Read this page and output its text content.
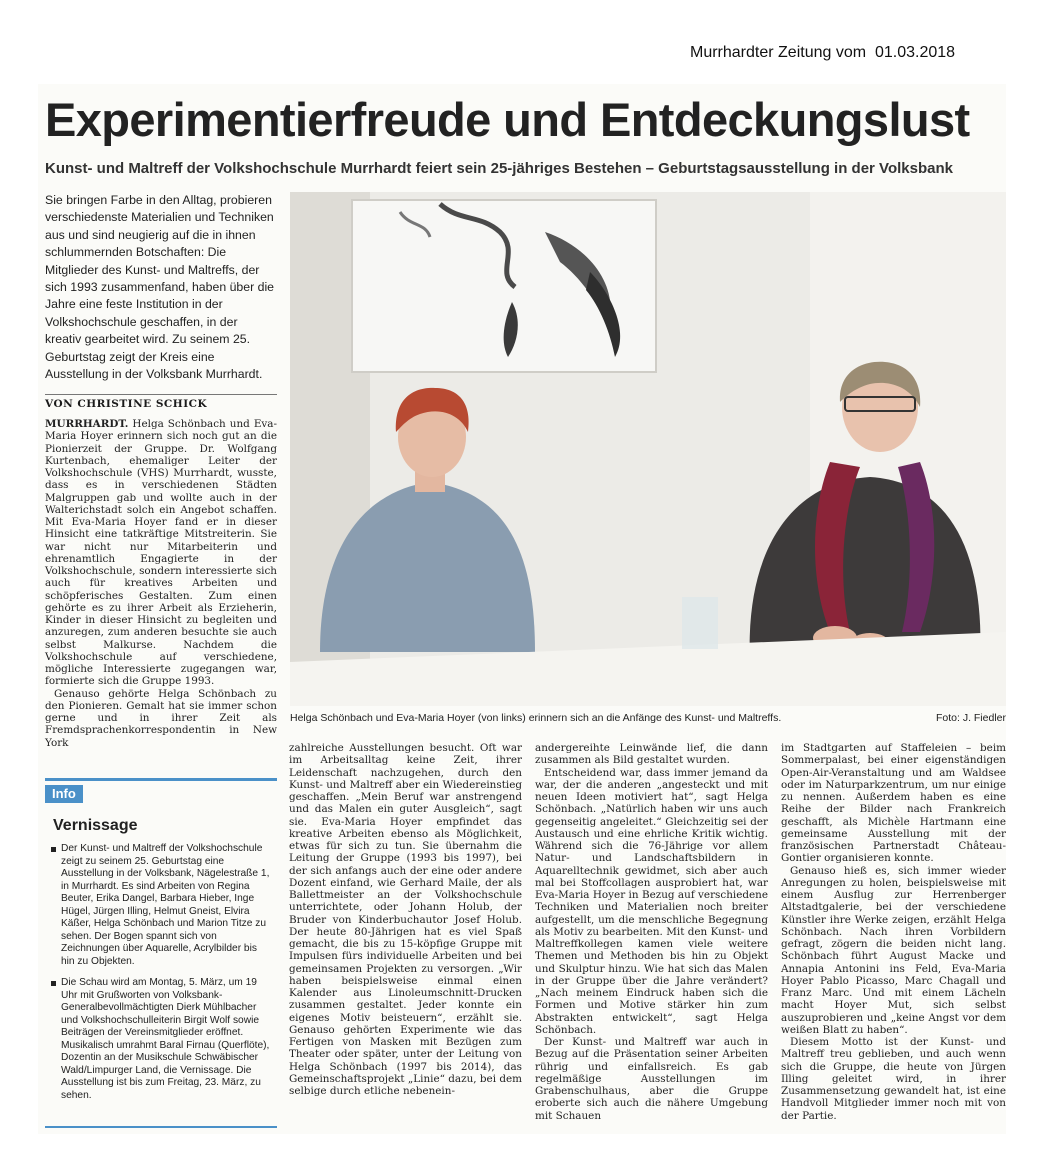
Murrhardter Zeitung vom  01.03.2018
Experimentierfreude und Entdeckungslust
Kunst- und Maltreff der Volkshochschule Murrhardt feiert sein 25-jähriges Bestehen – Geburtstagsausstellung in der Volksbank
Sie bringen Farbe in den Alltag, probieren verschiedenste Materialien und Techniken aus und sind neugierig auf die in ihnen schlummernden Botschaften: Die Mitglieder des Kunst- und Maltreffs, der sich 1993 zusammenfand, haben über die Jahre eine feste Institution in der Volkshochschule geschaffen, in der kreativ gearbeitet wird. Zu seinem 25. Geburtstag zeigt der Kreis eine Ausstellung in der Volksbank Murrhardt.
VON CHRISTINE SCHICK

MURRHARDT. Helga Schönbach und Eva-Maria Hoyer erinnern sich noch gut an die Pionierzeit der Gruppe. Dr. Wolfgang Kurtenbach, ehemaliger Leiter der Volkshochschule (VHS) Murrhardt, wusste, dass es in verschiedenen Städten Malgruppen gab und wollte auch in der Walterichstadt solch ein Angebot schaffen. Mit Eva-Maria Hoyer fand er in dieser Hinsicht eine tatkräftige Mitstreiterin. Sie war nicht nur Mitarbeiterin und ehrenamtlich Engagierte in der Volkshochschule, sondern interessierte sich auch für kreatives Arbeiten und schöpferisches Gestalten. Zum einen gehörte es zu ihrer Arbeit als Erzieherin, Kinder in dieser Hinsicht zu begleiten und anzuregen, zum anderen besuchte sie auch selbst Malkurse. Nachdem die Volkshochschule auf verschiedene, mögliche Interessierte zugegangen war, formierte sich die Gruppe 1993.

Genauso gehörte Helga Schönbach zu den Pionieren. Gemalt hat sie immer schon gerne und in ihrer Zeit als Fremdsprachenkorrespondentin in New York

Helga Schönbach und Eva-Maria Hoyer (von links) erinnern sich an die Anfänge des Kunst- und Maltreffs.	Foto: J. Fiedler
Info
Vernissage
Der Kunst- und Maltreff der Volkshochschule zeigt zu seinem 25. Geburtstag eine Ausstellung in der Volksbank, Nägelestraße 1, in Murrhardt. Es sind Arbeiten von Regina Beuter, Erika Dangel, Barbara Hieber, Inge Hügel, Jürgen Illing, Helmut Gneist, Elvira Käßer, Helga Schönbach und Marion Titze zu sehen. Der Bogen spannt sich von Zeichnungen über Aquarelle, Acrylbilder bis hin zu Objekten.
Die Schau wird am Montag, 5. März, um 19 Uhr mit Grußworten von Volksbank-Generalbevollmächtigten Dierk Mühlbacher und Volkshochschulleiterin Birgit Wolf sowie Beiträgen der Vereinsmitglieder eröffnet. Musikalisch umrahmt Baral Firnau (Querflöte), Dozentin an der Musikschule Schwäbischer Wald/Limpurger Land, die Vernissage. Die Ausstellung ist bis zum Freitag, 23. März, zu sehen.

zahlreiche Ausstellungen besucht. Oft war im Arbeitsalltag keine Zeit, ihrer Leidenschaft nachzugehen, durch den Kunst- und Maltreff aber ein Wiedereinstieg geschaffen. „Mein Beruf war anstrengend und das Malen ein guter Ausgleich“, sagt sie. Eva-Maria Hoyer empfindet das kreative Arbeiten ebenso als Möglichkeit, etwas für sich zu tun. Sie übernahm die Leitung der Gruppe (1993 bis 1997), bei der sich anfangs auch der eine oder andere Dozent einfand, wie Gerhard Maile, der als Ballettmeister an der Volkshochschule unterrichtete, oder Johann Holub, der Bruder von Kinderbuchautor Josef Holub. Der heute 80-Jährigen hat es viel Spaß gemacht, die bis zu 15-köpfige Gruppe mit Impulsen fürs individuelle Arbeiten und bei gemeinsamen Projekten zu versorgen. „Wir haben beispielsweise einmal einen Kalender aus Linoleumschnitt-Drucken zusammen gestaltet. Jeder konnte ein eigenes Motiv beisteuern“, erzählt sie. Genauso gehörten Experimente wie das Fertigen von Masken mit Bezügen zum Theater oder später, unter der Leitung von Helga Schönbach (1997 bis 2014), das Gemeinschaftsprojekt „Linie“ dazu, bei dem selbige durch etliche nebenein-

andergereihte Leinwände lief, die dann zusammen als Bild gestaltet wurden.

Entscheidend war, dass immer jemand da war, der die anderen „angesteckt und mit neuen Ideen motiviert hat“, sagt Helga Schönbach. „Natürlich haben wir uns auch gegenseitig angeleitet.“ Gleichzeitig sei der Austausch und eine ehrliche Kritik wichtig. Während sich die 76-Jährige vor allem Natur- und Landschaftsbildern in Aquarelltechnik gewidmet, sich aber auch mal bei Stoffcollagen ausprobiert hat, war Eva-Maria Hoyer in Bezug auf verschiedene Techniken und Materialien noch breiter aufgestellt, um die menschliche Begegnung als Motiv zu bearbeiten. Mit den Kunst- und Maltreffkollegen kamen viele weitere Themen und Methoden bis hin zu Objekt und Skulptur hinzu. Wie hat sich das Malen in der Gruppe über die Jahre verändert? „Nach meinem Eindruck haben sich die Formen und Motive stärker hin zum Abstrakten entwickelt“, sagt Helga Schönbach.

Der Kunst- und Maltreff war auch in Bezug auf die Präsentation seiner Arbeiten rührig und einfallsreich. Es gab regelmäßige Ausstellungen im Grabenschulhaus, aber die Gruppe eroberte sich auch die nähere Umgebung mit Schauen

im Stadtgarten auf Staffeleien – beim Sommerpalast, bei einer eigenständigen Open-Air-Veranstaltung und am Waldsee oder im Naturparkzentrum, um nur einige zu nennen. Außerdem haben es eine Reihe der Bilder nach Frankreich geschafft, als Michèle Hartmann eine gemeinsame Ausstellung mit der französischen Partnerstadt Château-Gontier organisieren konnte.

Genauso hieß es, sich immer wieder Anregungen zu holen, beispielsweise mit einem Ausflug zur Herrenberger Altstadtgalerie, bei der verschiedene Künstler ihre Werke zeigen, erzählt Helga Schönbach. Nach ihren Vorbildern gefragt, zögern die beiden nicht lang. Schönbach führt August Macke und Annapia Antonini ins Feld, Eva-Maria Hoyer Pablo Picasso, Marc Chagall und Franz Marc. Und mit einem Lächeln macht Hoyer Mut, sich selbst auszuprobieren und „keine Angst vor dem weißen Blatt zu haben“.

Diesem Motto ist der Kunst- und Maltreff treu geblieben, und auch wenn sich die Gruppe, die heute von Jürgen Illing geleitet wird, in ihrer Zusammensetzung gewandelt hat, ist eine Handvoll Mitglieder immer noch mit von der Partie.
